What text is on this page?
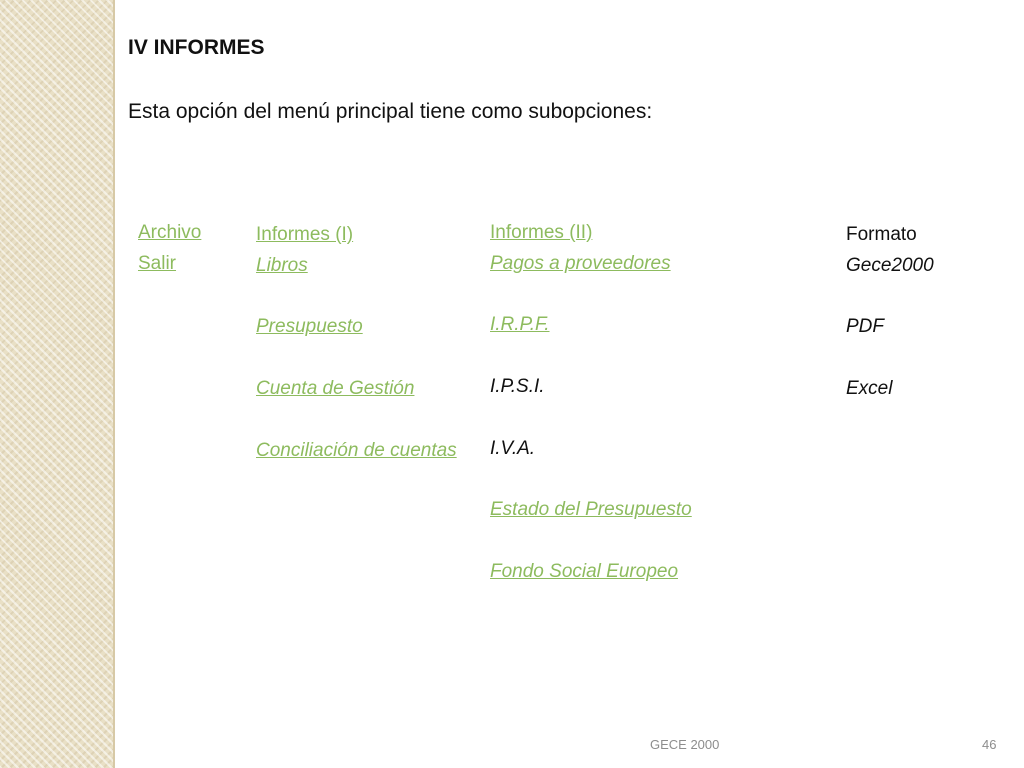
IV INFORMES

Esta opción del menú principal tiene como subopciones:

Archivo
Salir
Informes (I)
Libros
Presupuesto
Cuenta de Gestión
Conciliación de cuentas
Informes (II)
Pagos a proveedores
I.R.P.F.
I.P.S.I.
I.V.A.
Estado del Presupuesto
Fondo Social Europeo
Formato
Gece2000
PDF
Excel
GECE 2000	46
